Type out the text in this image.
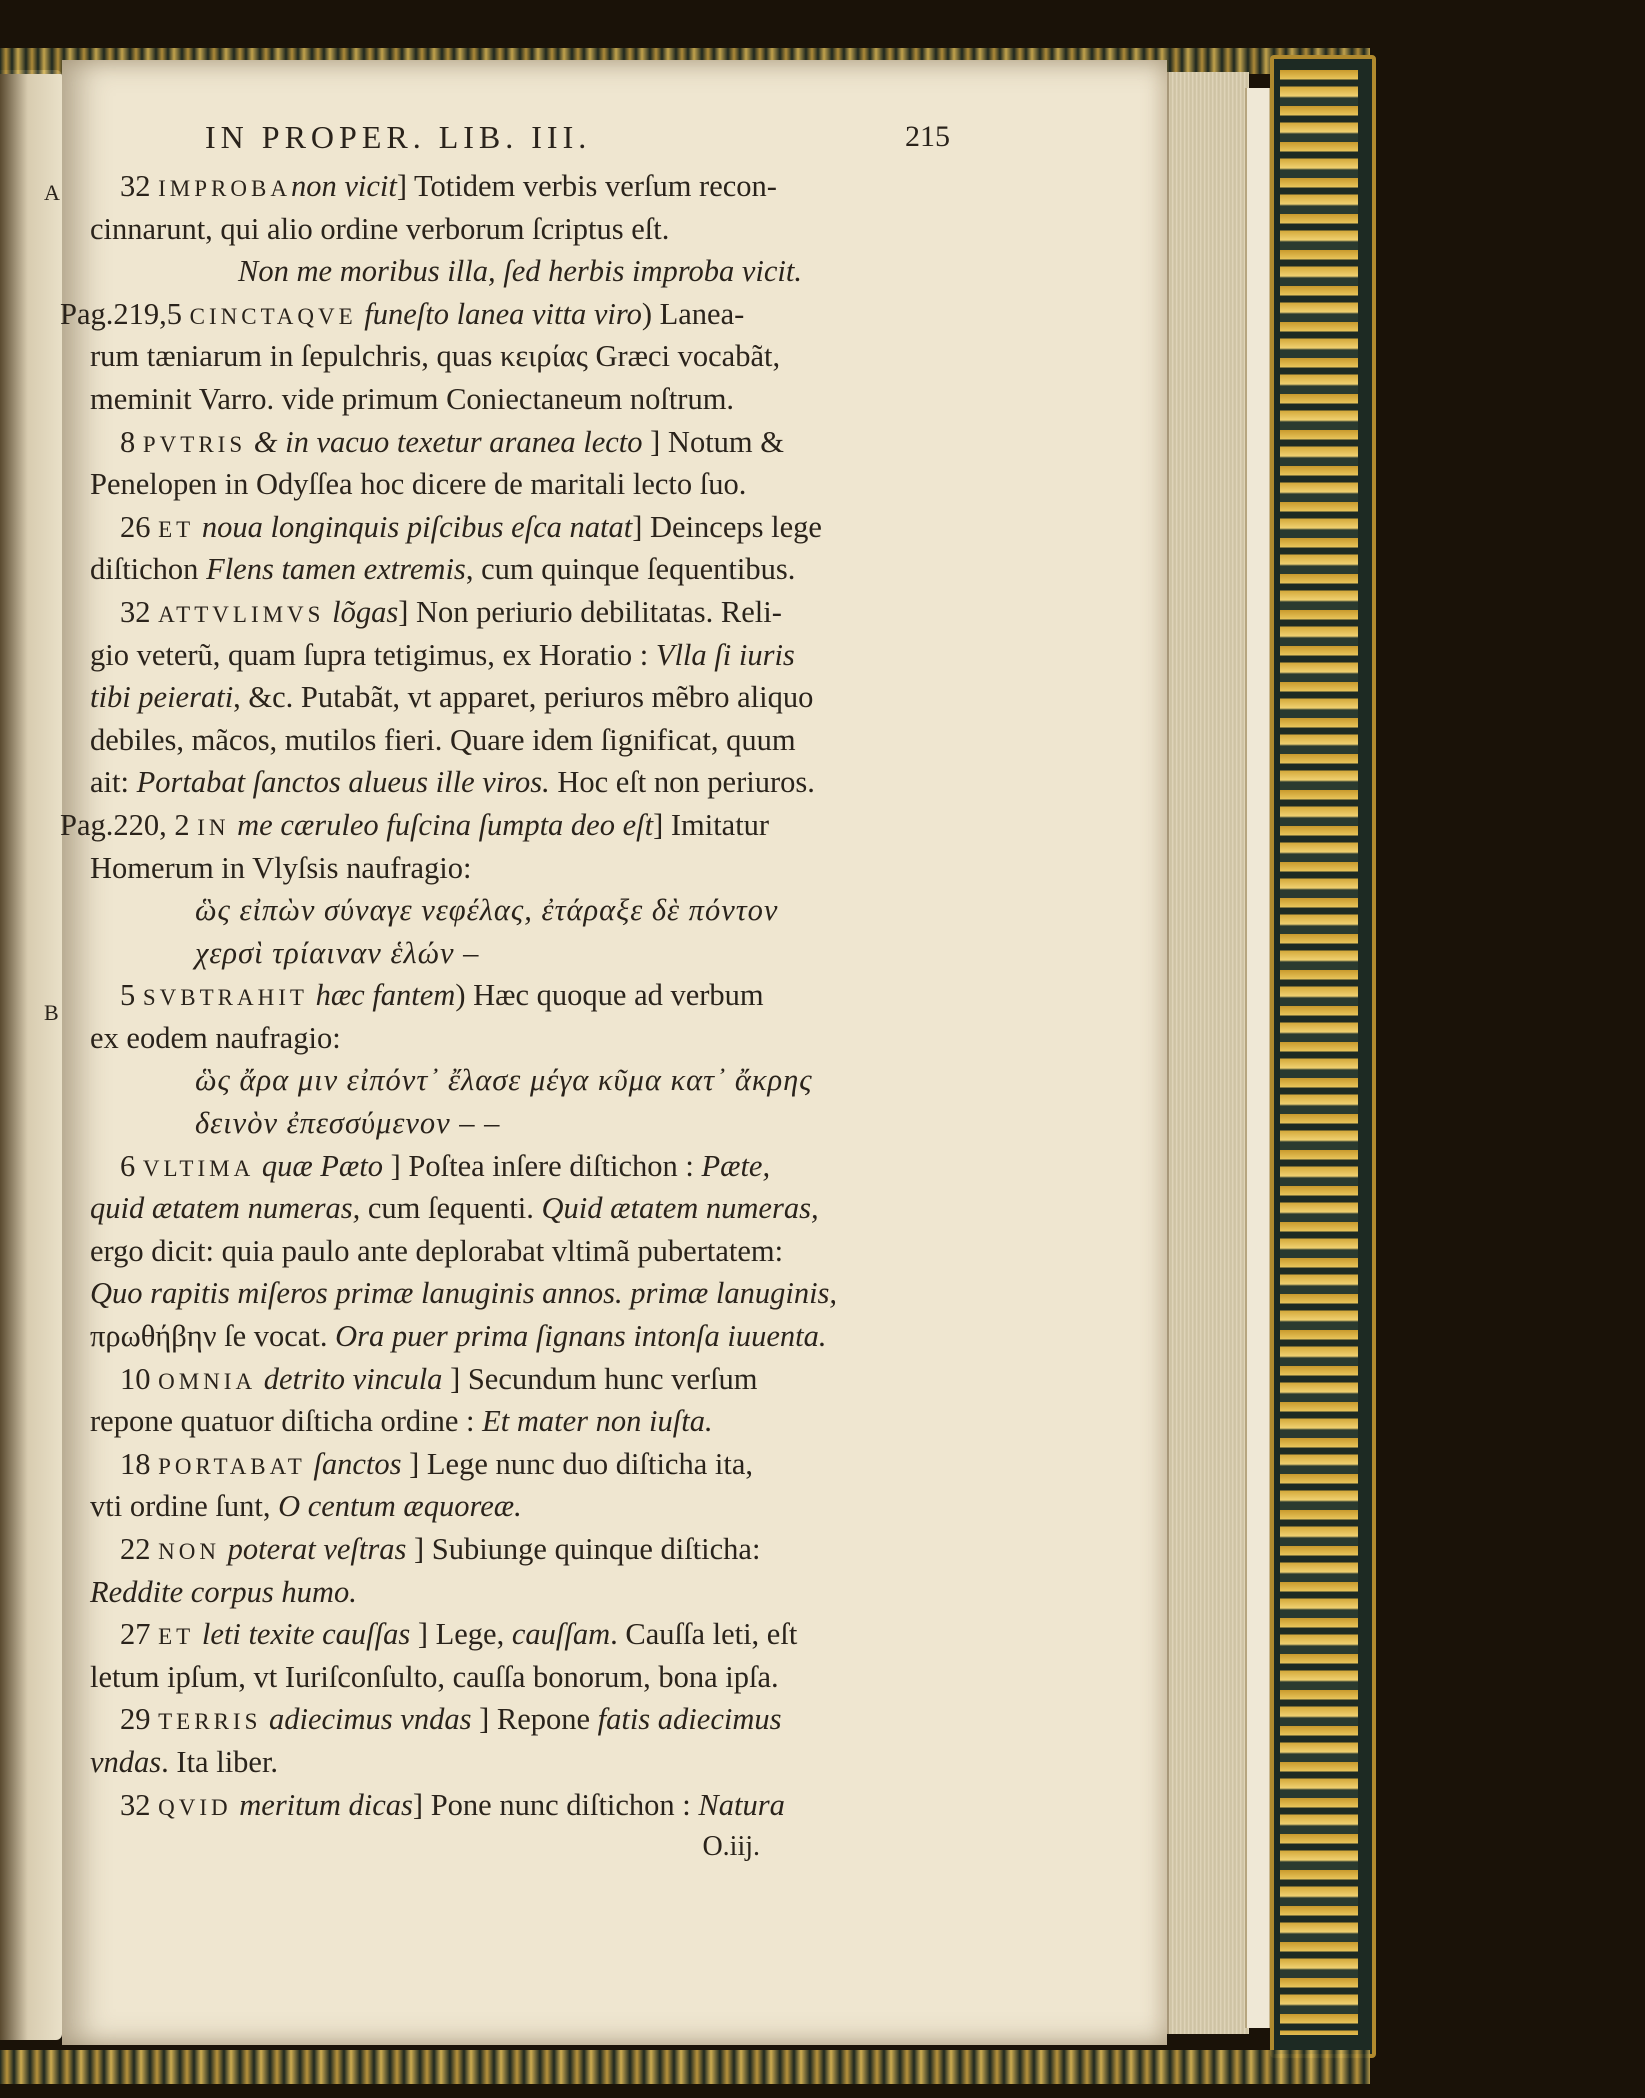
A
B
IN PROPER. LIB. III.	215
32 IMPROBAnon vicit] Totidem verbis verſum recon-
cinnarunt, qui alio ordine verborum ſcriptus eſt.
Non me moribus illa, ſed herbis improba vicit.
Pag.219,5 CINCTAQVE funeſto lanea vitta viro) Lanea-
rum tæniarum in ſepulchris, quas κειρίας Græci vocabãt,
meminit Varro. vide primum Coniectaneum noſtrum.
8 PVTRIS & in vacuo texetur aranea lecto ] Notum &
Penelopen in Odyſſea hoc dicere de maritali lecto ſuo.
26 ET noua longinquis piſcibus eſca natat] Deinceps lege
diſtichon Flens tamen extremis, cum quinque ſequentibus.
32 ATTVLIMVS lõgas] Non periurio debilitatas. Reli-
gio veterũ, quam ſupra tetigimus, ex Horatio : Vlla ſi iuris
tibi peierati, &c. Putabãt, vt apparet, periuros mẽbro aliquo
debiles, mãcos, mutilos fieri. Quare idem ſignificat, quum
ait: Portabat ſanctos alueus ille viros. Hoc eſt non periuros.
Pag.220, 2 IN me cæruleo fuſcina ſumpta deo eſt] Imitatur
Homerum in Vlyſsis naufragio:
ὣς εἰπὼν σύναγε νεφέλας, ἐτάραξε δὲ πόντον
χερσὶ τρίαιναν ἑλών –
5 SVBTRAHIT hæc fantem) Hæc quoque ad verbum
ex eodem naufragio:
ὣς ἄρα μιν εἰπόντ᾽ ἔλασε μέγα κῦμα κατ᾽ ἄκρης
δεινὸν ἐπεσσύμενον – –
6 VLTIMA quæ Pæto ] Poſtea inſere diſtichon : Pæte,
quid ætatem numeras, cum ſequenti. Quid ætatem numeras,
ergo dicit: quia paulo ante deplorabat vltimã pubertatem:
Quo rapitis miſeros primæ lanuginis annos. primæ lanuginis,
πρωθήβην ſe vocat. Ora puer prima ſignans intonſa iuuenta.
10 OMNIA detrito vincula ] Secundum hunc verſum
repone quatuor diſticha ordine : Et mater non iuſta.
18 PORTABAT ſanctos ] Lege nunc duo diſticha ita,
vti ordine ſunt, O centum æquoreæ.
22 NON poterat veſtras ] Subiunge quinque diſticha:
Reddite corpus humo.
27 ET leti texite cauſſas ] Lege, cauſſam. Cauſſa leti, eſt
letum ipſum, vt Iuriſconſulto, cauſſa bonorum, bona ipſa.
29 TERRIS adiecimus vndas ] Repone fatis adiecimus
vndas. Ita liber.
32 QVID meritum dicas] Pone nunc diſtichon : Natura
O.iij.
